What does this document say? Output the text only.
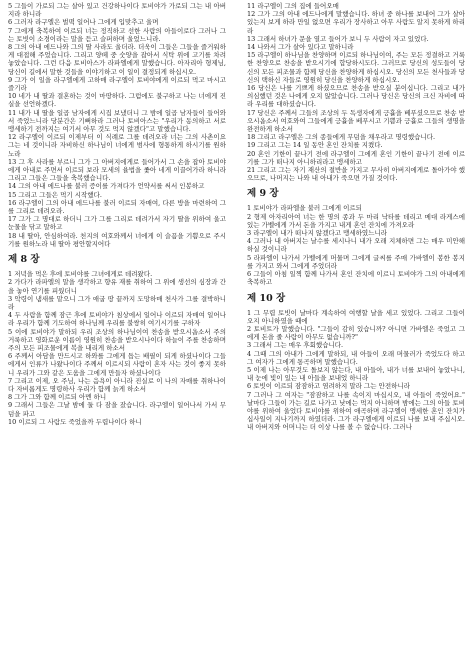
5 그들이 가로되 그는 살아 있고 건강하나이다 토비야가 가로되 그는 내 아버지라 하니라

6 그러자 라구엘은 벌떡 일어나 그에게 입맞추고 울며

7 그에게 축복하여 이르되 너는 정직하고 선한 사람의 아들이로다 그러나 그는 토빗이 소경이라는 말을 듣고 슬퍼하며 울었느니라.

8 그의 아내 에드나와 그의 딸 사라도 울더라. 더욱이 그들은 그들을 즐거워하게 대접해 주었습니다. 그리고 양떼 중 숫양을 잡아서 식탁 위에 고기를 차려 놓았습니다. 그런 다음 토비아스가 라파엘에게 말했습니다. 아자리아 형제님, 당신이 길에서 말한 것들을 이야기하고 이 일이 결정되게 하십시오.

9 그가 이 일을 라구엘에게 고하매 라구엘이 토비야에게 이르되 먹고 마시고 즐기라

10 네가 내 딸과 결혼하는 것이 마땅하다. 그럼에도 불구하고 나는 너에게 진실을 선언하겠다.

11 내가 내 딸을 일곱 남자에게 시집 보냈더니 그 밤에 일곱 남자들이 들어와서 죽었느니라 당분간은 기뻐하라 그러나 토비아스는 "우리가 동의하고 서로 맹세하기 전까지는 여기서 아무 것도 먹지 않겠다"고 말했습니다.

12 라구엘이 이르되 이제부터 이 식례로 그를 데려오라 너는 그의 사촌이요 그는 네 것이니라 자비하신 하나님이 너에게 범사에 형통하게 하시기를 원하노라

13 그 후 사라를 부르니 그가 그 아버지에게로 들어가서 그 손을 잡아 토비야에게 아내로 주면서 이르되 보라 모세의 율법을 좇아 네게 이끌어가라 하니라 그리고 그들은 그들을 축복했습니다.

14 그의 아내 에드나를 불러 증이를 가져다가 언약서를 써서 인봉하고

15 그리고 그들은 먹기 시작했다.

16 라구엘이 그의 아내 에드나를 불러 이르되 자매여, 다른 방을 마련하여 그를 그리로 데려오라.

17 그가 그 명대로 하더니 그가 그를 그리로 데려가서 자기 딸을 위하여 울고 눈물을 닦고 말하고

18 내 딸아, 안심하여라. 천지의 여호와께서 너에게 이 슬픔을 기쁨으로 주시기를 원하노라 내 딸아 평안할지어다

제 8 장

1 저녁을 먹은 후에 토비야를 그녀에게로 데려왔다.

2 가다가 라파엘의 말을 생각하고 향유 재를 취하여 그 위에 생선의 심장과 간을 놓아 연기를 피웠더니

3 악령이 냄새를 맡으니 그가 애굽 땅 끝까지 도망하매 천사가 그를 결박하니라

4 두 사람을 함께 잠근 후에 토비야가 침상에서 일어나 이르되 자매여 일어나라 우리가 함께 기도하여 하나님께 우리를 불쌍히 여기시기를 구하자

5 이에 토비야가 말하되 우리 조상의 하나님이여 찬송을 받으시옵소서 주의 거룩하고 영화로운 이름이 영원히 찬송을 받으시나이다 하늘이 주를 찬송하며 주의 모든 피조물에게 복을 내리게 하소서

6 주께서 아담을 만드시고 하와를 그에게 돕는 배필이 되게 하셨나이다 그들에게서 인류가 나왔나이다 주께서 이르시되 사람이 혼자 사는 것이 좋지 못하니 우리가 그와 같은 도움을 그에게 만들자 하셨나이다

7 그리고 이제, 오 주님, 나는 음욕이 아니라 진실로 이 나의 자매를 취하나이다 자비롭게도 명령하사 우리가 함께 늙게 하소서

8 그가 그와 함께 이르되 아멘 하니

9 그래서 그들은 그날 밤에 둘 다 잠을 잤습니다. 라구엘이 일어나서 가서 무덤을 파고

10 이르되 그 사람도 죽었을까 두렵나이다 하니

11 라구엘이 그의 집에 들어오매

12 그가 그의 아내 에드나에게 말했습니다. 하녀 중 하나를 보내어 그가 살아 있는지 보게 하라 만일 없으면 우리가 장사하고 아무 사람도 알지 못하게 하리라

13 그래서 하녀가 문을 열고 들어가 보니 두 사람이 자고 있었다.

14 나와서 그가 살아 있다고 말하니라

15 라구엘이 하나님을 찬양하며 이르되 하나님이여, 주는 모든 정결하고 거룩한 찬양으로 찬송을 받으시기에 합당하시도다. 그러므로 당신의 성도들이 당신의 모든 피조물과 함께 당신을 찬양하게 하십시오. 당신의 모든 천사들과 당신의 택하신 자들로 영원히 당신을 찬양하게 하십시오.

16 당신은 나를 기쁘게 하셨으므로 찬송을 받으실 분이십니다. 그리고 내가 의심했던 것은 나에게 오지 않았습니다. 그러나 당신은 당신의 크신 자비에 따라 우리를 대하셨습니다.

17 당신은 주께서 그들의 조상의 두 독생자에게 긍휼을 베푸셨으므로 찬송 받으시옵소서 여호와여 그들에게 긍휼을 베푸시고 기쁨과 긍휼로 그들의 생명을 완전하게 하소서

18 그리고 라구엘은 그의 종들에게 무덤을 채우라고 명령했습니다.

19 그리고 그는 14 일 동안 혼인 잔치를 지켰다.

20 혼인 기한이 끝나기 전에 라구엘이 그에게 혼인 기한이 끝나기 전에 이르기를 그가 떠나지 아니하리라고 맹세하고

21 그리고 그는 자기 재산의 절반을 가지고 무사히 아버지에게로 돌아가야 했으므로, 나머지는 나와 내 아내가 죽으면 가질 것이다.

제 9 장

1 토비야가 라파엘을 불러 그에게 이르되

2 형제 아자리아여 너는 한 명의 종과 두 마리 낙타를 데리고 메대 라게스에 있는 가벨에게 가서 돈을 가지고 내게 혼인 잔치에 가져오라

3 라구엘이 내가 떠나지 않겠다고 맹세하였느니라

4 그러나 내 아버지는 날수를 세시나니 내가 오래 지체하면 그는 매우 미안해 하실 것이니라

5 라파엘이 나가서 가벨에게 머물며 그에게 글씨를 주매 가바엘이 봉한 봉지를 가지고 와서 그에게 주었더라

6 그들이 아침 일찍 함께 나가서 혼인 잔치에 이르니 토비야가 그의 아내에게 축복하고

제 10 장

1 그 무렵 토빗이 날마다 계속하여 여행할 날을 세고 있었다. 그리고 그들이 오지 아니하였을 때에

2 토비트가 말했습니다. "그들이 감히 있습니까? 아니면 가바엘은 죽었고 그에게 돈을 줄 사람이 아무도 없습니까?"

3 그래서 그는 매우 후회했습니다.

4 그때 그의 아내가 그에게 말하되, 내 아들이 오래 머물러가 죽었도다 하고 그 여자가 그에게 통곡하며 말했습니다.

5 이제 나는 아무것도 돌보지 않는다, 내 아들아, 내가 너를 보내어 놓았나니, 내 눈에 빛이 있는 내 아들을 보내었 하니라

6 토빗이 이르되 잠잠하고 염려하지 말라 그는 안전하니라

7 그러나 그 여자는 "잠잠하고 나를 속이지 마십시오, 내 아들이 죽었어요." 날마다 그들이 가는 길로 나가고 낮에는 먹지 아니하며 밤에는 그의 아들 토비야를 위하여 울었다 토비야를 위하여 애곡하며 라구엘이 맹세한 혼인 잔치가 십사일이 지나기까지 하였더라. 그가 라구엘에게 이르되 나를 보내 주십시오. 내 아버지와 어머니는 더 이상 나를 볼 수 없습니다. 그러나
